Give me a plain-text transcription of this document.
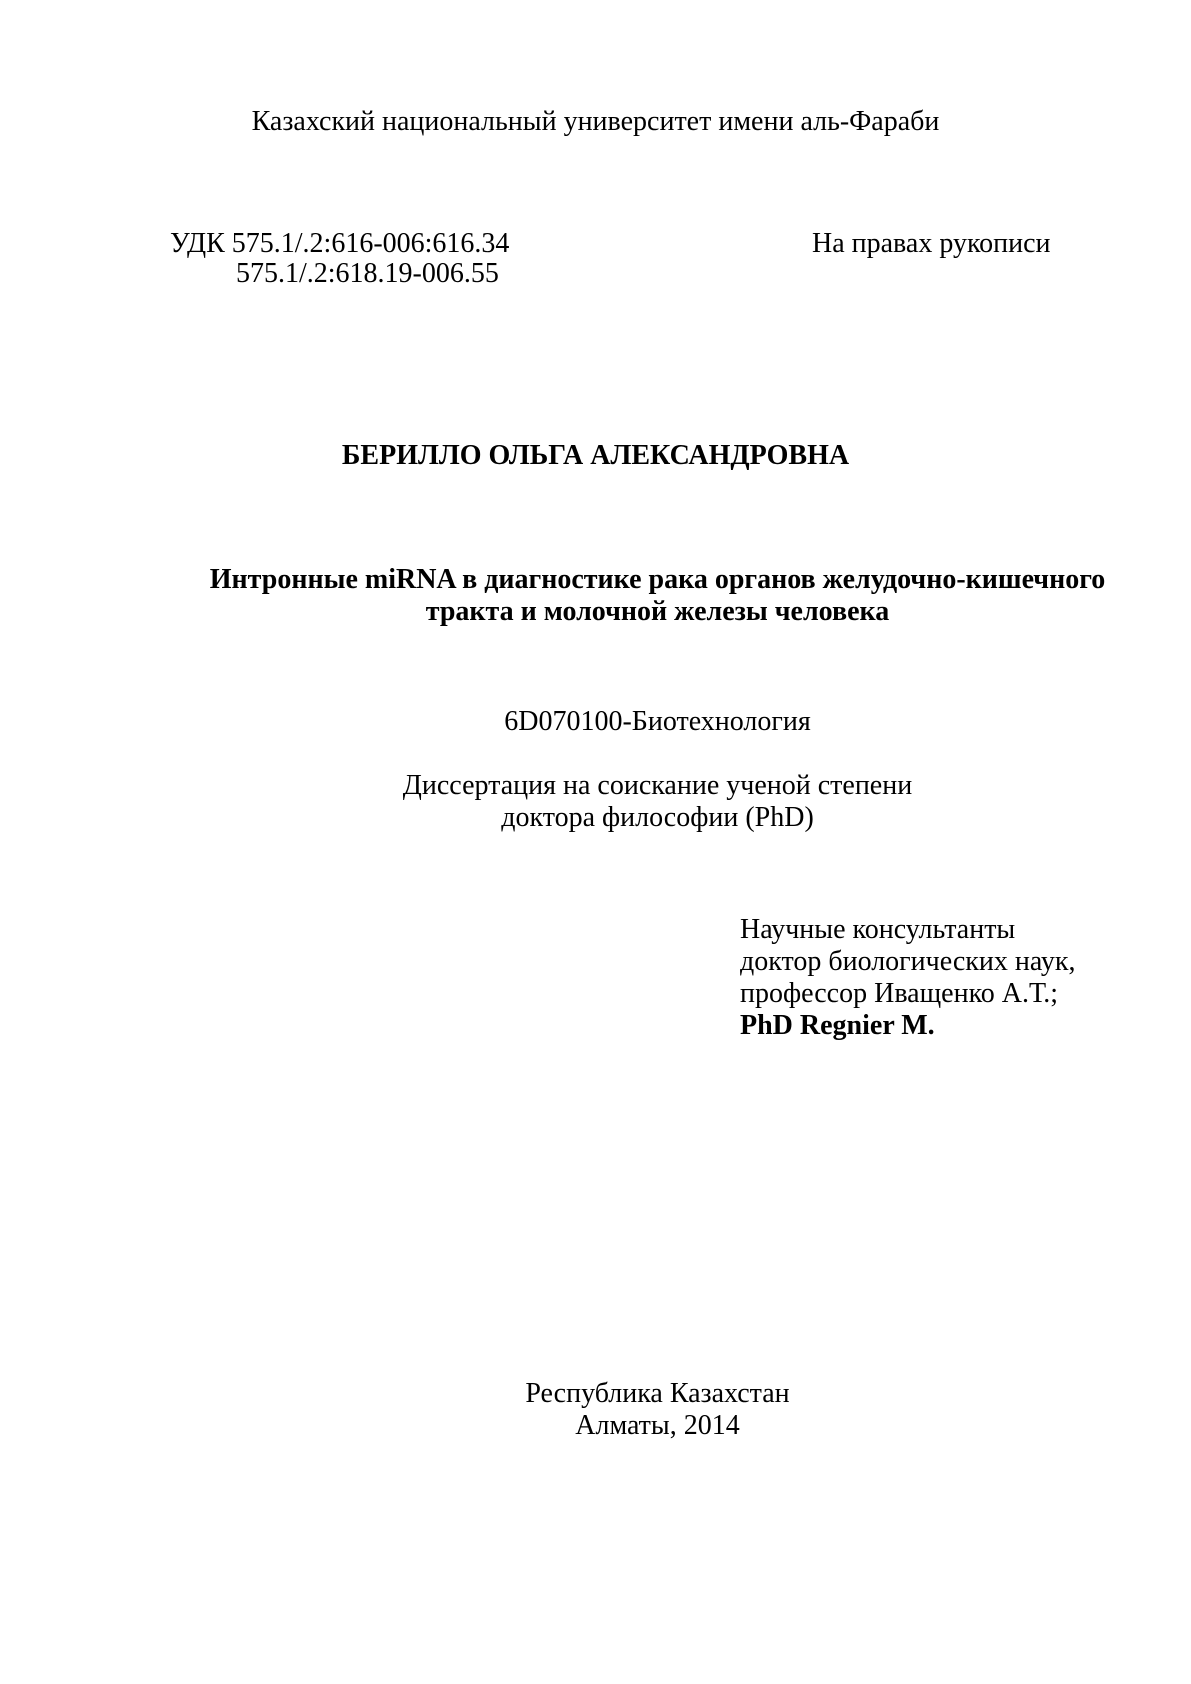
Казахский национальный университет имени аль-Фараби
УДК 575.1/.2:616-006:616.34
575.1/.2:618.19-006.55
На правах рукописи
БЕРИЛЛО ОЛЬГА АЛЕКСАНДРОВНА
Интронные miRNA в диагностике рака органов желудочно-кишечного
тракта и молочной железы человека
6D070100-Биотехнология
Диссертация на соискание ученой степени
доктора философии (PhD)
Научные консультанты
доктор биологических наук,
профессор Иващенко А.Т.;
PhD Regnier M.
Республика Казахстан
Алматы, 2014
